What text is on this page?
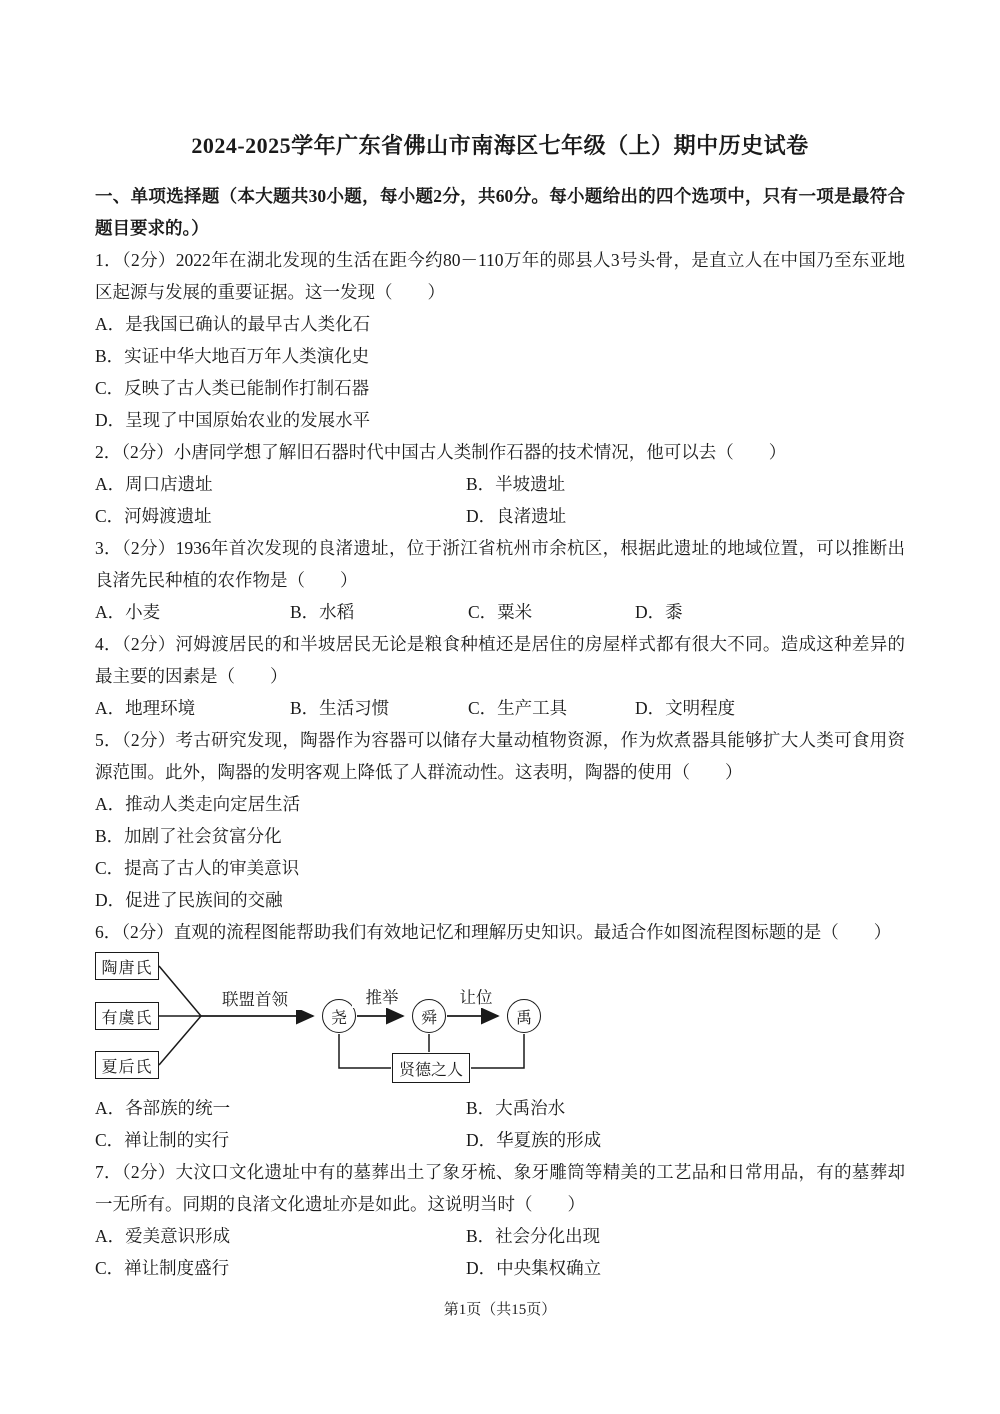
2024-2025学年广东省佛山市南海区七年级（上）期中历史试卷

一、单项选择题（本大题共30小题，每小题2分，共60分。每小题给出的四个选项中，只有一项是最符合题目要求的。）

1．（2分）2022年在湖北发现的生活在距今约80－110万年的郧县人3号头骨，是直立人在中国乃至东亚地区起源与发展的重要证据。这一发现（　　）

A．是我国已确认的最早古人类化石
B．实证中华大地百万年人类演化史
C．反映了古人类已能制作打制石器
D．呈现了中国原始农业的发展水平

2．（2分）小唐同学想了解旧石器时代中国古人类制作石器的技术情况，他可以去（　　）

A．周口店遗址	B．半坡遗址
C．河姆渡遗址	D．良渚遗址

3．（2分）1936年首次发现的良渚遗址，位于浙江省杭州市余杭区，根据此遗址的地域位置，可以推断出良渚先民种植的农作物是（　　）

A．小麦	B．水稻	C．粟米	D．黍

4．（2分）河姆渡居民的和半坡居民无论是粮食种植还是居住的房屋样式都有很大不同。造成这种差异的最主要的因素是（　　）

A．地理环境	B．生活习惯	C．生产工具	D．文明程度

5．（2分）考古研究发现，陶器作为容器可以储存大量动植物资源，作为炊煮器具能够扩大人类可食用资源范围。此外，陶器的发明客观上降低了人群流动性。这表明，陶器的使用（　　）

A．推动人类走向定居生活
B．加剧了社会贫富分化
C．提高了古人的审美意识
D．促进了民族间的交融

6．（2分）直观的流程图能帮助我们有效地记忆和理解历史知识。最适合作如图流程图标题的是（　　）

陶唐氏
有虞氏
夏后氏
联盟首领
尧
推举
舜
让位
禹
贤德之人
A．各部族的统一	B．大禹治水
C．禅让制的实行	D．华夏族的形成

7．（2分）大汶口文化遗址中有的墓葬出土了象牙梳、象牙雕筒等精美的工艺品和日常用品，有的墓葬却一无所有。同期的良渚文化遗址亦是如此。这说明当时（　　）

A．爱美意识形成	B．社会分化出现
C．禅让制度盛行	D．中央集权确立
第1页（共15页）
